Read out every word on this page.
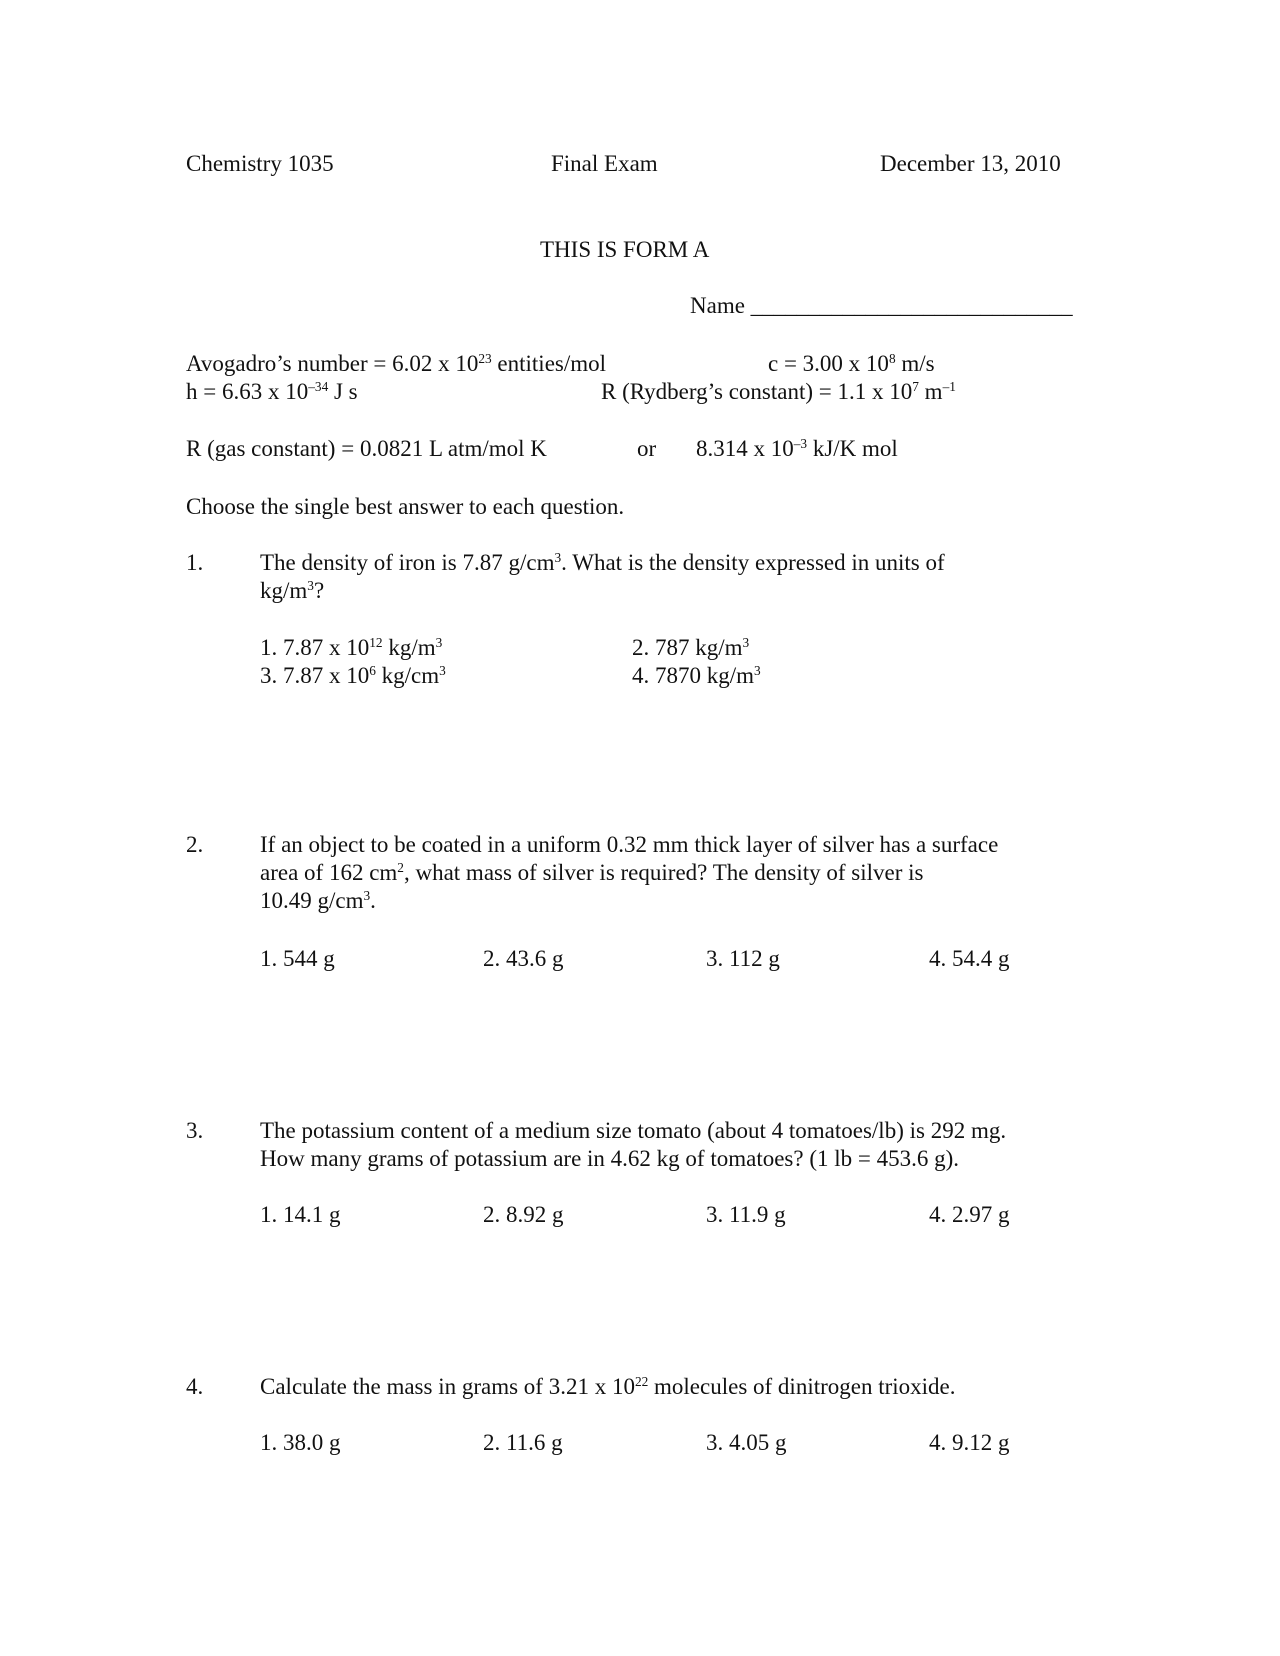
Chemistry 1035	Final Exam	December 13, 2010
THIS IS FORM A
Name ____________________________
Avogadro’s number = 6.02 x $10^{23}$ entities/mol	c = 3.00 x $10^8$ m/s
h = 6.63 x $10^{-34}$ J s	R (Rydberg’s constant) = 1.1 x $10^7$ $m^{-1}$
R (gas constant) = 0.0821 L atm/mol K	or 8.314 x $10^{-3}$ kJ/K mol
Choose the single best answer to each question.
1. The density of iron is 7.87 $g/cm^3$. What is the density expressed in units of
$kg/m^3$?
1. 7.87 x $10^{12}$ $kg/m^3$	2. 787 $kg/m^3$
3. 7.87 x $10^6$ $kg/cm^3$	4. 7870 $kg/m^3$
2. If an object to be coated in a uniform 0.32 mm thick layer of silver has a surface
area of 162 $cm^2$, what mass of silver is required? The density of silver is
10.49 $g/cm^3$.
1. 544 g	2. 43.6 g	3. 112 g	4. 54.4 g
3. The potassium content of a medium size tomato (about 4 tomatoes/lb) is 292 mg.
How many grams of potassium are in 4.62 kg of tomatoes? (1 lb = 453.6 g).
1. 14.1 g	2. 8.92 g	3. 11.9 g	4. 2.97 g
4. Calculate the mass in grams of 3.21 x $10^{22}$ molecules of dinitrogen trioxide.
1. 38.0 g	2. 11.6 g	3. 4.05 g	4. 9.12 g
